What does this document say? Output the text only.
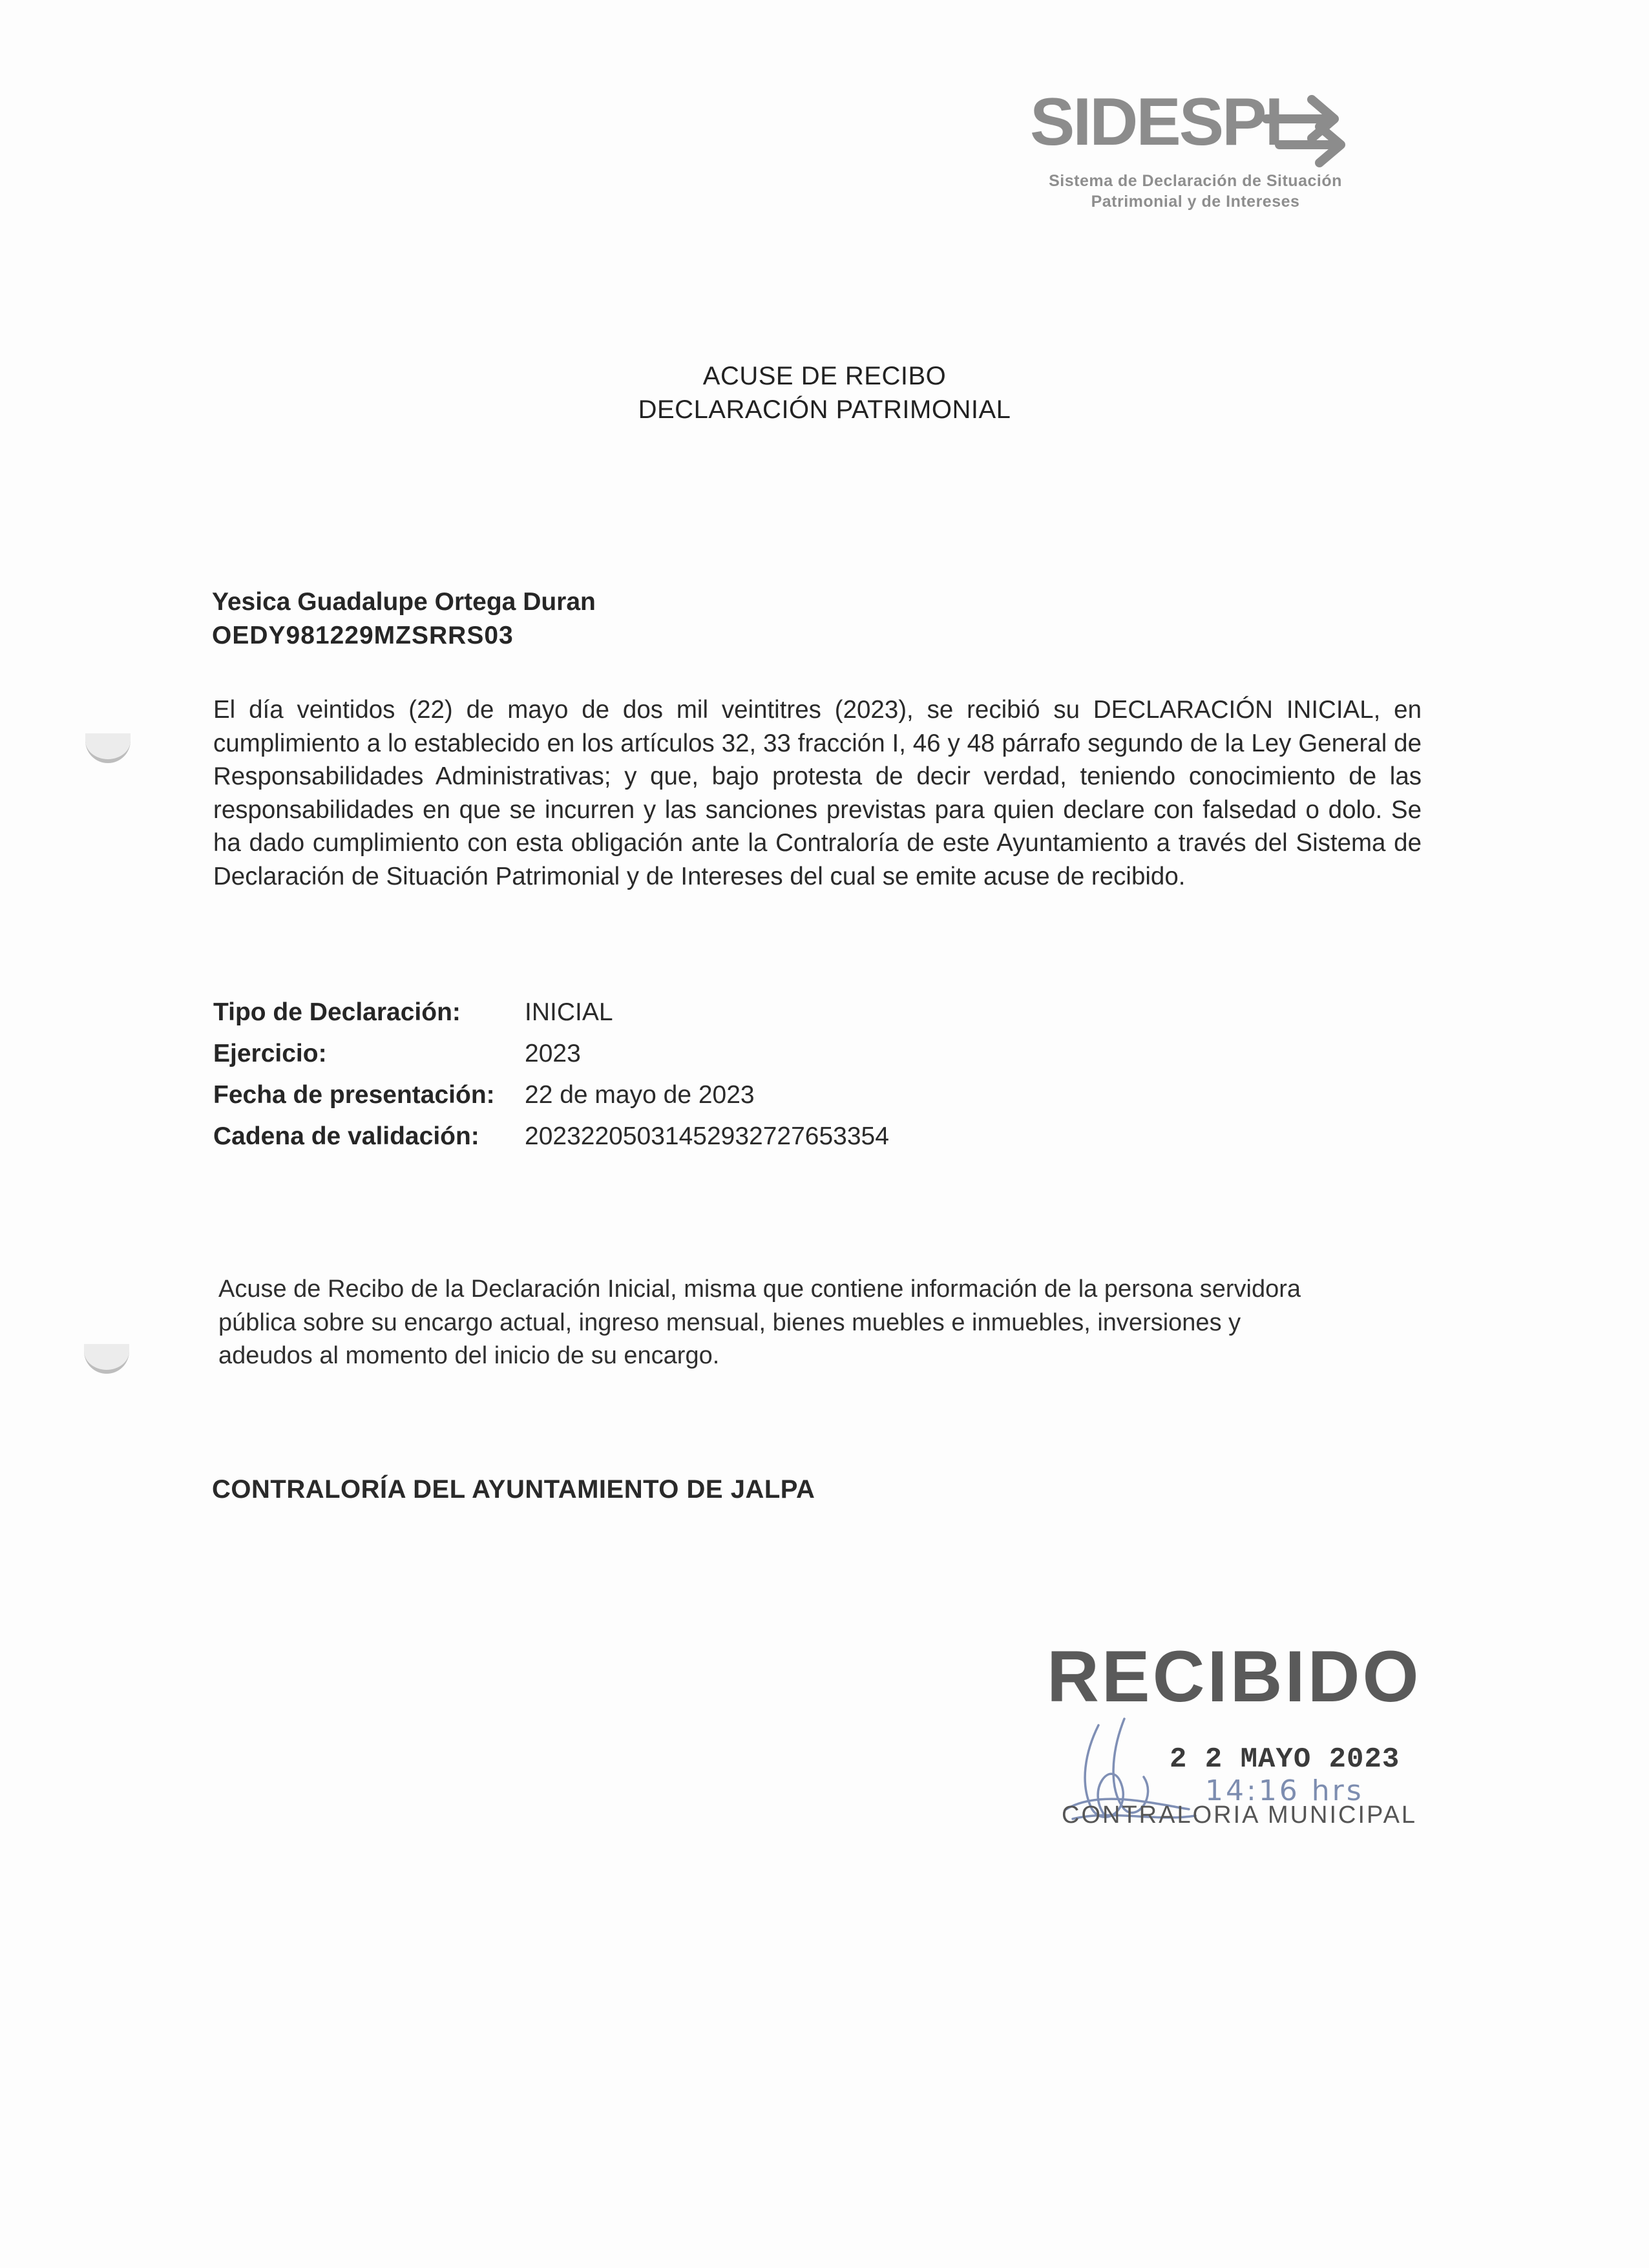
SIDESPI
Sistema de Declaración de Situación
Patrimonial y de Intereses
ACUSE DE RECIBO
DECLARACIÓN PATRIMONIAL
Yesica Guadalupe Ortega Duran
OEDY981229MZSRRS03
El día veintidos (22) de mayo de dos mil veintitres (2023), se recibió su DECLARACIÓN INICIAL, en cumplimiento a lo establecido en los artículos 32, 33 fracción I, 46 y 48 párrafo segundo de la Ley General de Responsabilidades Administrativas; y que, bajo protesta de decir verdad, teniendo conocimiento de las responsabilidades en que se incurren y las sanciones previstas para quien declare con falsedad o dolo. Se ha dado cumplimiento con esta obligación ante la Contraloría de este Ayuntamiento a través del Sistema de Declaración de Situación Patrimonial y de Intereses del cual se emite acuse de recibido.
Tipo de Declaración:	INICIAL
Ejercicio:	2023
Fecha de presentación: 22 de mayo de 2023
Cadena de validación: 20232205031452932727653354
Acuse de Recibo de la Declaración Inicial, misma que contiene información de la persona servidora pública sobre su encargo actual, ingreso mensual, bienes muebles e inmuebles, inversiones y adeudos al momento del inicio de su encargo.
CONTRALORÍA DEL AYUNTAMIENTO DE JALPA
RECIBIDO
2 2 MAYO 2023
14:16 hrs
CONTRALORIA MUNICIPAL
